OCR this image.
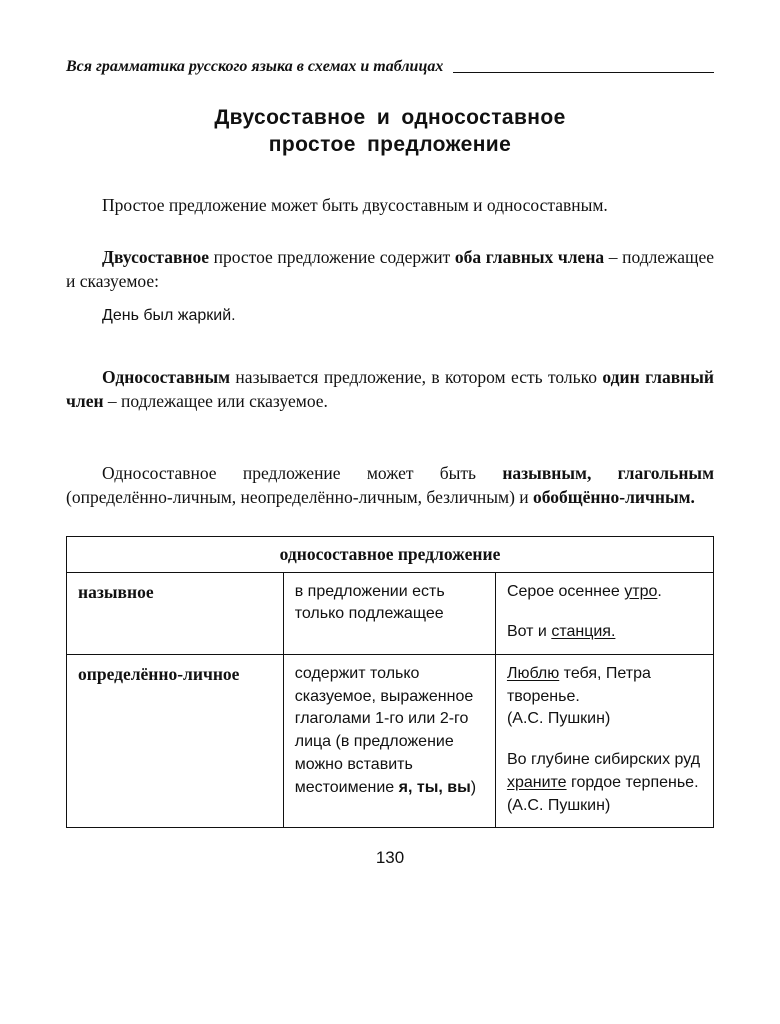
Вся грамматика русского языка в схемах и таблицах
Двусоставное и односоставное
простое предложение

Простое предложение может быть двусоставным и односоставным.

Двусоставное простое предложение содержит оба главных члена – подлежащее и сказуемое:

День был жаркий.

Односоставным называется предложение, в котором есть только один главный член – подлежащее или сказуемое.

Односоставное предложение может быть назывным, глагольным (определённо-личным, неопределённо-личным, безличным) и обобщённо-личным.

односоставное предложение		
назывное	в предложении есть только подлежащее	Серое осеннее утро.
Вот и станция.

определённо-личное	содержит только сказуемое, выраженное глаголами 1-го или 2-го лица (в предложение можно вставить местоимение я, ты, вы)	Люблю тебя, Петра творенье.
(А.С. Пушкин)
Во глубине сибирских руд храните гордое терпенье.
(А.С. Пушкин)
130
